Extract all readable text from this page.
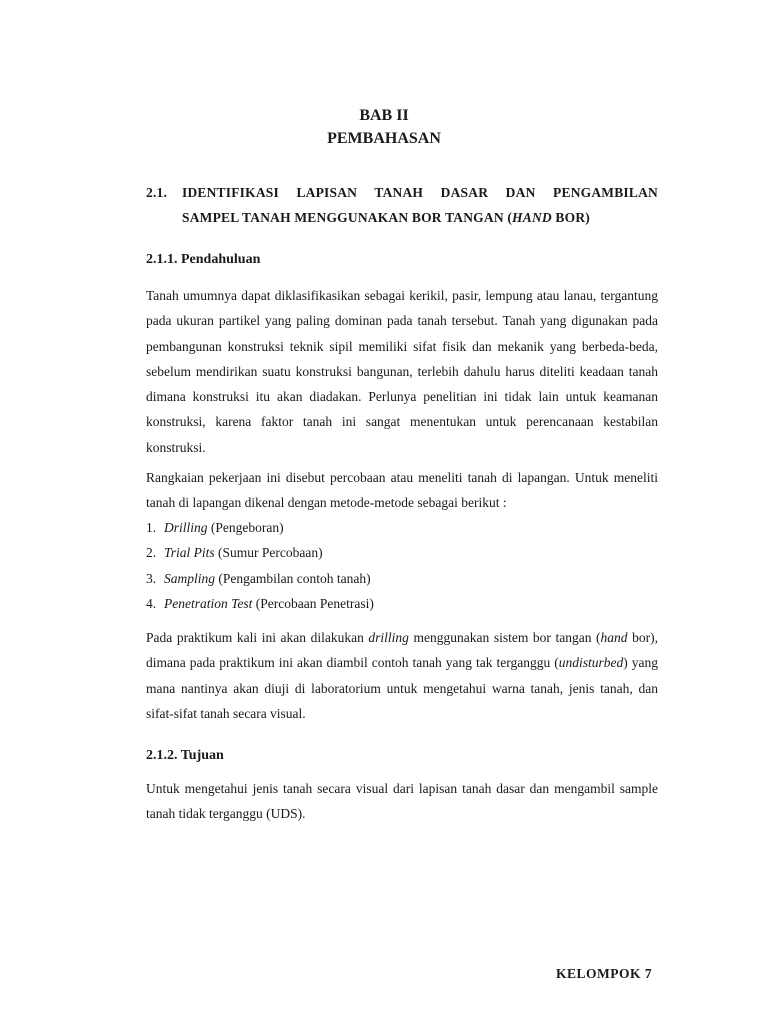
BAB II
PEMBAHASAN
2.1. IDENTIFIKASI LAPISAN TANAH DASAR DAN PENGAMBILAN
SAMPEL TANAH MENGGUNAKAN BOR TANGAN (HAND BOR)
2.1.1. Pendahuluan

Tanah umumnya dapat diklasifikasikan sebagai kerikil, pasir, lempung atau lanau, tergantung pada ukuran partikel yang paling dominan pada tanah tersebut. Tanah yang digunakan pada pembangunan konstruksi teknik sipil memiliki sifat fisik dan mekanik yang berbeda-beda, sebelum mendirikan suatu konstruksi bangunan, terlebih dahulu harus diteliti keadaan tanah dimana konstruksi itu akan diadakan. Perlunya penelitian ini tidak lain untuk keamanan konstruksi, karena faktor tanah ini sangat menentukan untuk perencanaan kestabilan konstruksi.

Rangkaian pekerjaan ini disebut percobaan atau meneliti tanah di lapangan. Untuk meneliti tanah di lapangan dikenal dengan metode-metode sebagai berikut :

1. Drilling (Pengeboran)
2. Trial Pits (Sumur Percobaan)
3. Sampling (Pengambilan contoh tanah)
4. Penetration Test (Percobaan Penetrasi)

Pada praktikum kali ini akan dilakukan drilling menggunakan sistem bor tangan (hand bor), dimana pada praktikum ini akan diambil contoh tanah yang tak terganggu (undisturbed) yang mana nantinya akan diuji di laboratorium untuk mengetahui warna tanah, jenis tanah, dan sifat-sifat tanah secara visual.

2.1.2. Tujuan

Untuk mengetahui jenis tanah secara visual dari lapisan tanah dasar dan mengambil sample tanah tidak terganggu (UDS).

KELOMPOK 7
